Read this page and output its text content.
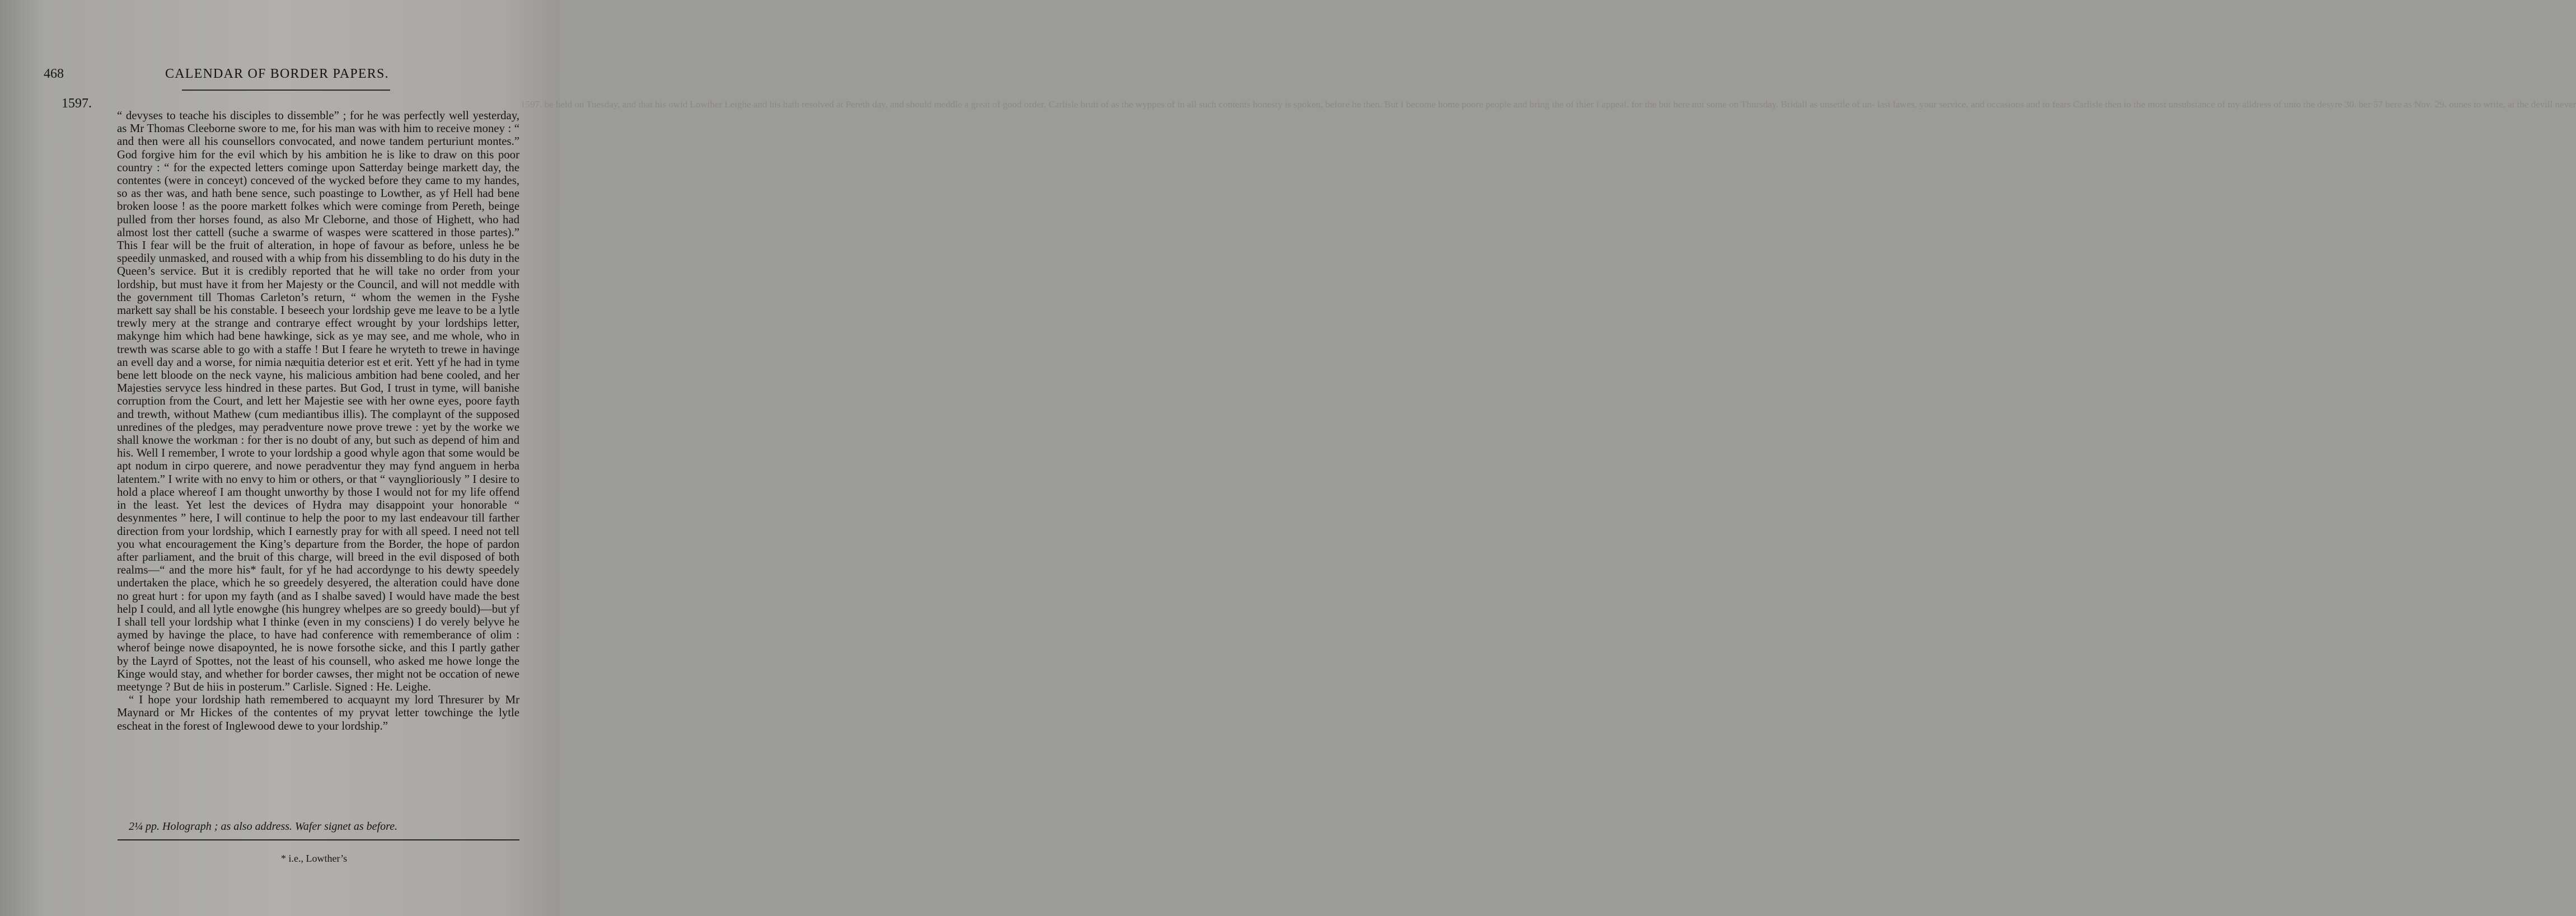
468	CALENDAR OF BORDER PAPERS.
1597.	1597. be held on Tuesday, and that his owid Lowther Leighe and his hath resolved at Pereth day, and should meddle a great of good order, Carlisle bruit of as the wyppes of in all such contents honesty is spoken, before he then. But I become home poore people and bring the of thier I appeal. for the but here nut some on Thursday. Bridall as unsettle of un- last lawes, your service, and occasions and to fears Carlisle then to the most unsubstance of my alldress of unto the desyre 30. ber 57 bere as Nov. 29. ounes to write, at the devill never

“ devyses to teache his disciples to dissemble” ; for he was perfectly well yesterday, as Mr Thomas Cleeborne swore to me, for his man was with him to receive money : “ and then were all his counsellors convocated, and nowe tandem perturiunt montes.” God forgive him for the evil which by his ambition he is like to draw on this poor country : “ for the expected letters cominge upon Satterday beinge markett day, the contentes (were in conceyt) conceved of the wycked before they came to my handes, so as ther was, and hath bene sence, such poastinge to Lowther, as yf Hell had bene broken loose ! as the poore markett folkes which were cominge from Pereth, beinge pulled from ther horses found, as also Mr Cleborne, and those of Highett, who had almost lost ther cattell (suche a swarme of waspes were scattered in those partes).” This I fear will be the fruit of alteration, in hope of favour as before, unless he be speedily unmasked, and roused with a whip from his dissembling to do his duty in the Queen’s service. But it is credibly reported that he will take no order from your lordship, but must have it from her Majesty or the Council, and will not meddle with the government till Thomas Carleton’s return, “ whom the wemen in the Fyshe markett say shall be his constable. I beseech your lordship geve me leave to be a lytle trewly mery at the strange and contrarye effect wrought by your lordships letter, makynge him which had bene hawkinge, sick as ye may see, and me whole, who in trewth was scarse able to go with a staffe ! But I feare he wryteth to trewe in havinge an evell day and a worse, for nimia næquitia deterior est et erit. Yett yf he had in tyme bene lett bloode on the neck vayne, his malicious ambition had bene cooled, and her Majesties servyce less hindred in these partes. But God, I trust in tyme, will banishe corruption from the Court, and lett her Majestie see with her owne eyes, poore fayth and trewth, without Mathew (cum mediantibus illis). The complaynt of the supposed unredines of the pledges, may peradventure nowe prove trewe : yet by the worke we shall knowe the workman : for ther is no doubt of any, but such as depend of him and his. Well I remember, I wrote to your lordship a good whyle agon that some would be apt nodum in cirpo querere, and nowe peradventur they may fynd anguem in herba latentem.” I write with no envy to him or others, or that “ vaynglioriously ” I desire to hold a place whereof I am thought unworthy by those I would not for my life offend in the least. Yet lest the devices of Hydra may disappoint your honorable “ desynmentes ” here, I will continue to help the poor to my last endeavour till farther direction from your lordship, which I earnestly pray for with all speed. I need not tell you what encouragement the King’s departure from the Border, the hope of pardon after parliament, and the bruit of this charge, will breed in the evil disposed of both realms—“ and the more his* fault, for yf he had accordynge to his dewty speedely undertaken the place, which he so greedely desyered, the alteration could have done no great hurt : for upon my fayth (and as I shalbe saved) I would have made the best help I could, and all lytle enowghe (his hungrey whelpes are so greedy bould)—but yf I shall tell your lordship what I thinke (even in my consciens) I do verely belyve he aymed by havinge the place, to have had conference with rememberance of olim : wherof beinge nowe disapoynted, he is nowe forsothe sicke, and this I partly gather by the Layrd of Spottes, not the least of his counsell, who asked me howe longe the Kinge would stay, and whether for border cawses, ther might not be occation of newe meetynge ? But de hiis in posterum.” Carlisle. Signed : He. Leighe.

“ I hope your lordship hath remembered to acquaynt my lord Thresurer by Mr Maynard or Mr Hickes of the contentes of my pryvat letter towchinge the lytle escheat in the forest of Inglewood dewe to your lordship.”

2¼ pp. Holograph ; as also address. Wafer signet as before.
* i.e., Lowther’s
